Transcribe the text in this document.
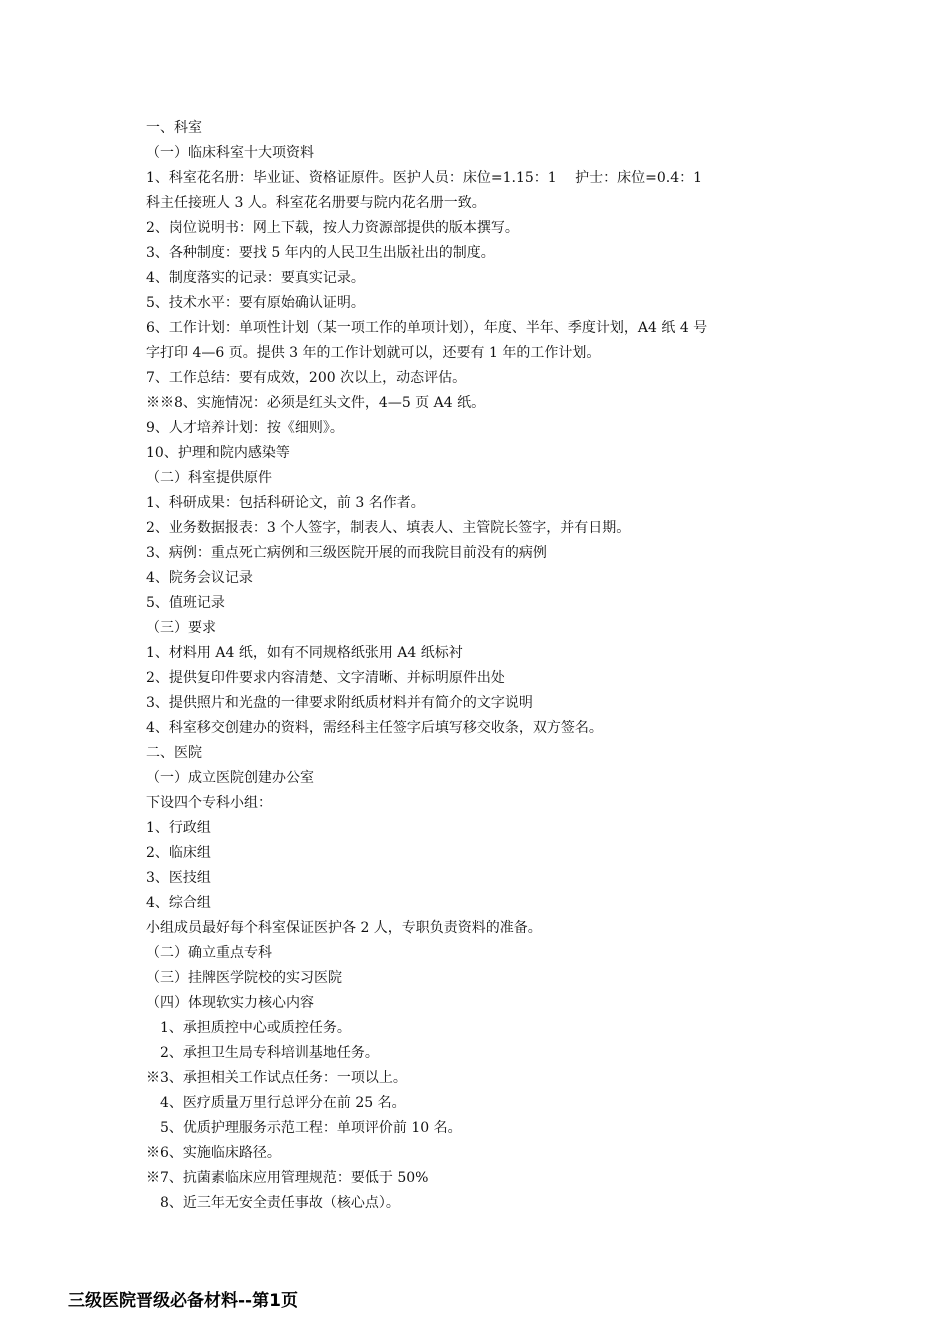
一、科室
（一）临床科室十大项资料
1、科室花名册：毕业证、资格证原件。医护人员：床位=1.15：1 　护士：床位=0.4：1
科主任接班人 3 人。科室花名册要与院内花名册一致。
2、岗位说明书：网上下载，按人力资源部提供的版本撰写。
3、各种制度：要找 5 年内的人民卫生出版社出的制度。
4、制度落实的记录：要真实记录。
5、技术水平：要有原始确认证明。
6、工作计划：单项性计划（某一项工作的单项计划），年度、半年、季度计划，A4 纸 4 号
字打印 4—6 页。提供 3 年的工作计划就可以，还要有 1 年的工作计划。
7、工作总结：要有成效，200 次以上，动态评估。
※※8、实施情况：必须是红头文件，4—5 页 A4 纸。
9、人才培养计划：按《细则》。
10、护理和院内感染等
（二）科室提供原件
1、科研成果：包括科研论文，前 3 名作者。
2、业务数据报表：3 个人签字，制表人、填表人、主管院长签字，并有日期。
3、病例：重点死亡病例和三级医院开展的而我院目前没有的病例
4、院务会议记录
5、值班记录
（三）要求
1、材料用 A4 纸，如有不同规格纸张用 A4 纸标衬
2、提供复印件要求内容清楚、文字清晰、并标明原件出处
3、提供照片和光盘的一律要求附纸质材料并有简介的文字说明
4、科室移交创建办的资料，需经科主任签字后填写移交收条，双方签名。
二、医院
（一）成立医院创建办公室
下设四个专科小组：
1、行政组
2、临床组
3、医技组
4、综合组
小组成员最好每个科室保证医护各 2 人，专职负责资料的准备。
（二）确立重点专科
（三）挂牌医学院校的实习医院
（四）体现软实力核心内容
　1、承担质控中心或质控任务。
　2、承担卫生局专科培训基地任务。
※3、承担相关工作试点任务：一项以上。
　4、医疗质量万里行总评分在前 25 名。
　5、优质护理服务示范工程：单项评价前 10 名。
※6、实施临床路径。
※7、抗菌素临床应用管理规范：要低于 50%
　8、近三年无安全责任事故（核心点）。
三级医院晋级必备材料--第1页
